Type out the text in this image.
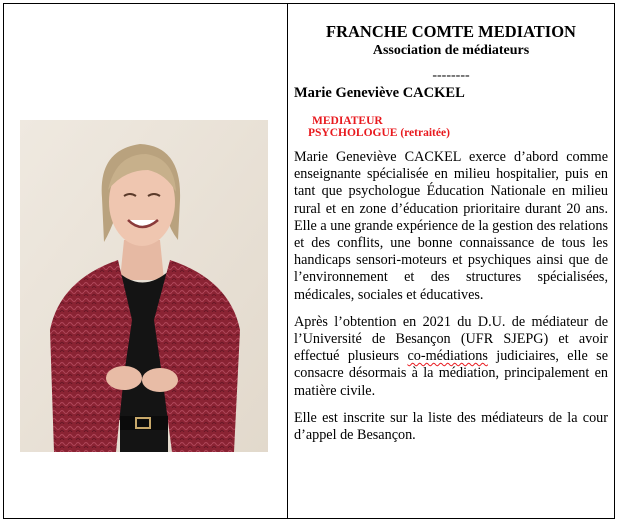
FRANCHE COMTE MEDIATION

Association de médiateurs

--------

Marie Geneviève CACKEL

MEDIATEUR
PSYCHOLOGUE (retraitée)

Marie Geneviève CACKEL exerce d’abord comme enseignante spécialisée en milieu hospitalier, puis en tant que psychologue Éducation Nationale en milieu rural et en zone d’éducation prioritaire durant 20 ans. Elle a une grande expérience de la gestion des relations et des conflits, une bonne connaissance de tous les handicaps sensori-moteurs et psychiques ainsi que de l’environnement et des structures spécialisées, médicales, sociales et éducatives.

Après l’obtention en 2021 du D.U. de médiateur de l’Université de Besançon (UFR SJEPG) et avoir effectué plusieurs co-médiations judiciaires, elle se consacre désormais à la médiation, principalement en matière civile.

Elle est inscrite sur la liste des médiateurs de la cour d’appel de Besançon.
